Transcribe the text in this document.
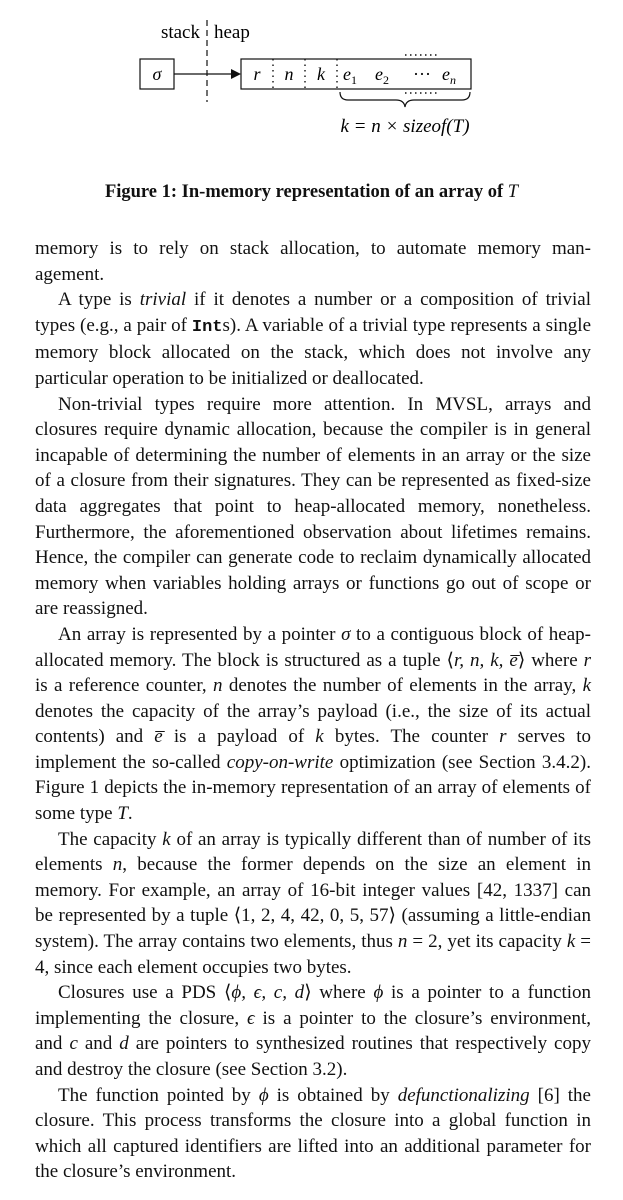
stack heap
σ	r n k $e_1$ $e_2$ ··· $e_n$
k = n × sizeof(T)
Figure 1: In-memory representation of an array of T

memory is to rely on stack allocation, to automate memory man-agement.

A type is trivial if it denotes a number or a composition of trivial types (e.g., a pair of Ints). A variable of a trivial type represents a single memory block allocated on the stack, which does not involve any particular operation to be initialized or deallocated.

Non-trivial types require more attention. In MVSL, arrays and closures require dynamic allocation, because the compiler is in general incapable of determining the number of elements in an array or the size of a closure from their signatures. They can be represented as fixed-size data aggregates that point to heap-allocated memory, nonetheless. Furthermore, the aforementioned observation about lifetimes remains. Hence, the compiler can generate code to reclaim dynamically allocated memory when variables holding arrays or functions go out of scope or are reassigned.

An array is represented by a pointer σ to a contiguous block of heap-allocated memory. The block is structured as a tuple ⟨r, n, k, e̅⟩ where r is a reference counter, n denotes the number of elements in the array, k denotes the capacity of the array’s payload (i.e., the size of its actual contents) and e̅ is a payload of k bytes. The counter r serves to implement the so-called copy-on-write optimization (see Section 3.4.2). Figure 1 depicts the in-memory representation of an array of elements of some type T.

The capacity k of an array is typically different than of number of its elements n, because the former depends on the size an element in memory. For example, an array of 16-bit integer values [42, 1337] can be represented by a tuple ⟨1, 2, 4, 42, 0, 5, 57⟩ (assuming a little-endian system). The array contains two elements, thus n = 2, yet its capacity k = 4, since each element occupies two bytes.

Closures use a PDS ⟨ϕ, ϵ, c, d⟩ where ϕ is a pointer to a function implementing the closure, ϵ is a pointer to the closure’s environment, and c and d are pointers to synthesized routines that respectively copy and destroy the closure (see Section 3.2).

The function pointed by ϕ is obtained by defunctionalizing [6] the closure. This process transforms the closure into a global function in which all captured identifiers are lifted into an additional parameter for the closure’s environment.
